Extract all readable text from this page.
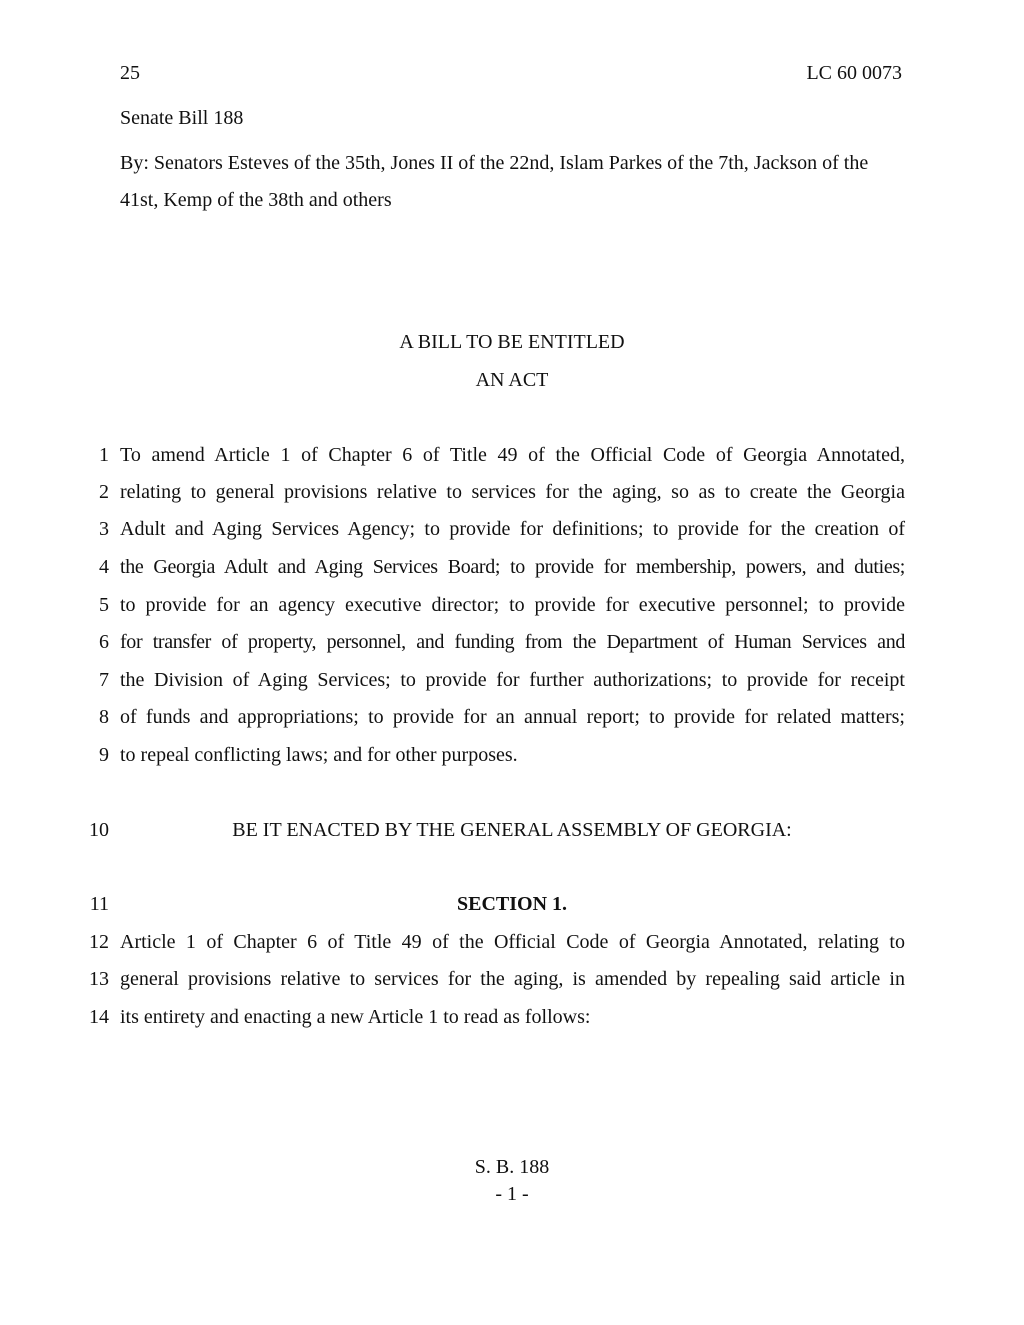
25	LC 60 0073
Senate Bill 188
By: Senators Esteves of the 35th, Jones II of the 22nd, Islam Parkes of the 7th, Jackson of the 41st, Kemp of the 38th and others
A BILL TO BE ENTITLED
AN ACT
1 To amend Article 1 of Chapter 6 of Title 49 of the Official Code of Georgia Annotated,
2 relating to general provisions relative to services for the aging, so as to create the Georgia
3 Adult and Aging Services Agency; to provide for definitions; to provide for the creation of
4 the Georgia Adult and Aging Services Board; to provide for membership, powers, and duties;
5 to provide for an agency executive director; to provide for executive personnel; to provide
6 for transfer of property, personnel, and funding from the Department of Human Services and
7 the Division of Aging Services; to provide for further authorizations; to provide for receipt
8 of funds and appropriations; to provide for an annual report; to provide for related matters;
9 to repeal conflicting laws; and for other purposes.
10	BE IT ENACTED BY THE GENERAL ASSEMBLY OF GEORGIA:
11	SECTION 1.
12 Article 1 of Chapter 6 of Title 49 of the Official Code of Georgia Annotated, relating to
13 general provisions relative to services for the aging, is amended by repealing said article in
14 its entirety and enacting a new Article 1 to read as follows:
S. B. 188
- 1 -
